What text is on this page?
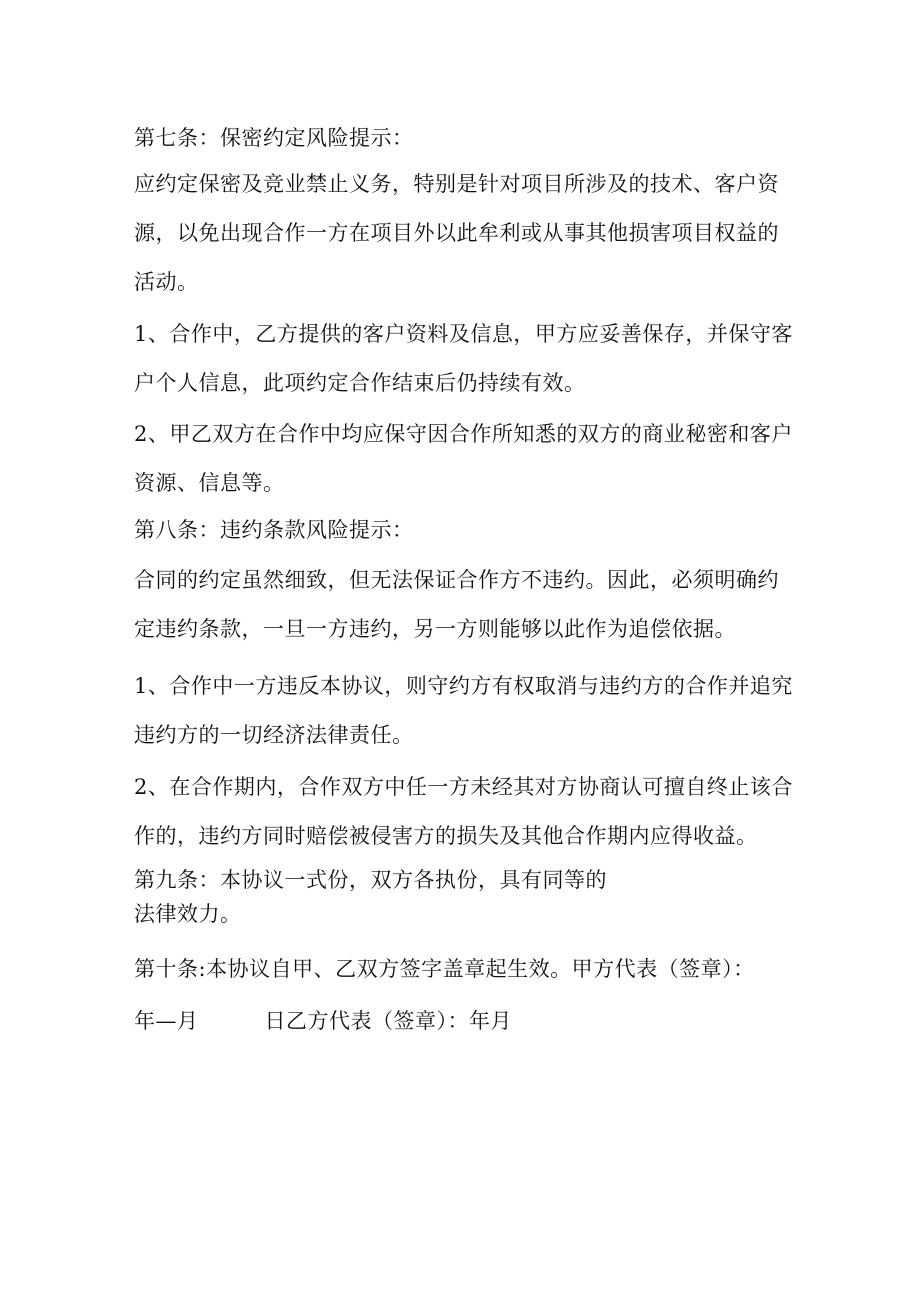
第七条：保密约定风险提示：
应约定保密及竞业禁止义务，特别是针对项目所涉及的技术、客户资
源，以免出现合作一方在项目外以此牟利或从事其他损害项目权益的
活动。
1、合作中，乙方提供的客户资料及信息，甲方应妥善保存，并保守客
户个人信息，此项约定合作结束后仍持续有效。
2、甲乙双方在合作中均应保守因合作所知悉的双方的商业秘密和客户
资源、信息等。
第八条：违约条款风险提示：
合同的约定虽然细致，但无法保证合作方不违约。因此，必须明确约
定违约条款，一旦一方违约，另一方则能够以此作为追偿依据。
1、合作中一方违反本协议，则守约方有权取消与违约方的合作并追究
违约方的一切经济法律责任。
2、在合作期内，合作双方中任一方未经其对方协商认可擅自终止该合
作的，违约方同时赔偿被侵害方的损失及其他合作期内应得收益。
第九条：本协议一式份，双方各执份，具有同等的
法律效力。
第十条:本协议自甲、乙双方签字盖章起生效。甲方代表（签章）：
年—月	日乙方代表（签章）：年月
